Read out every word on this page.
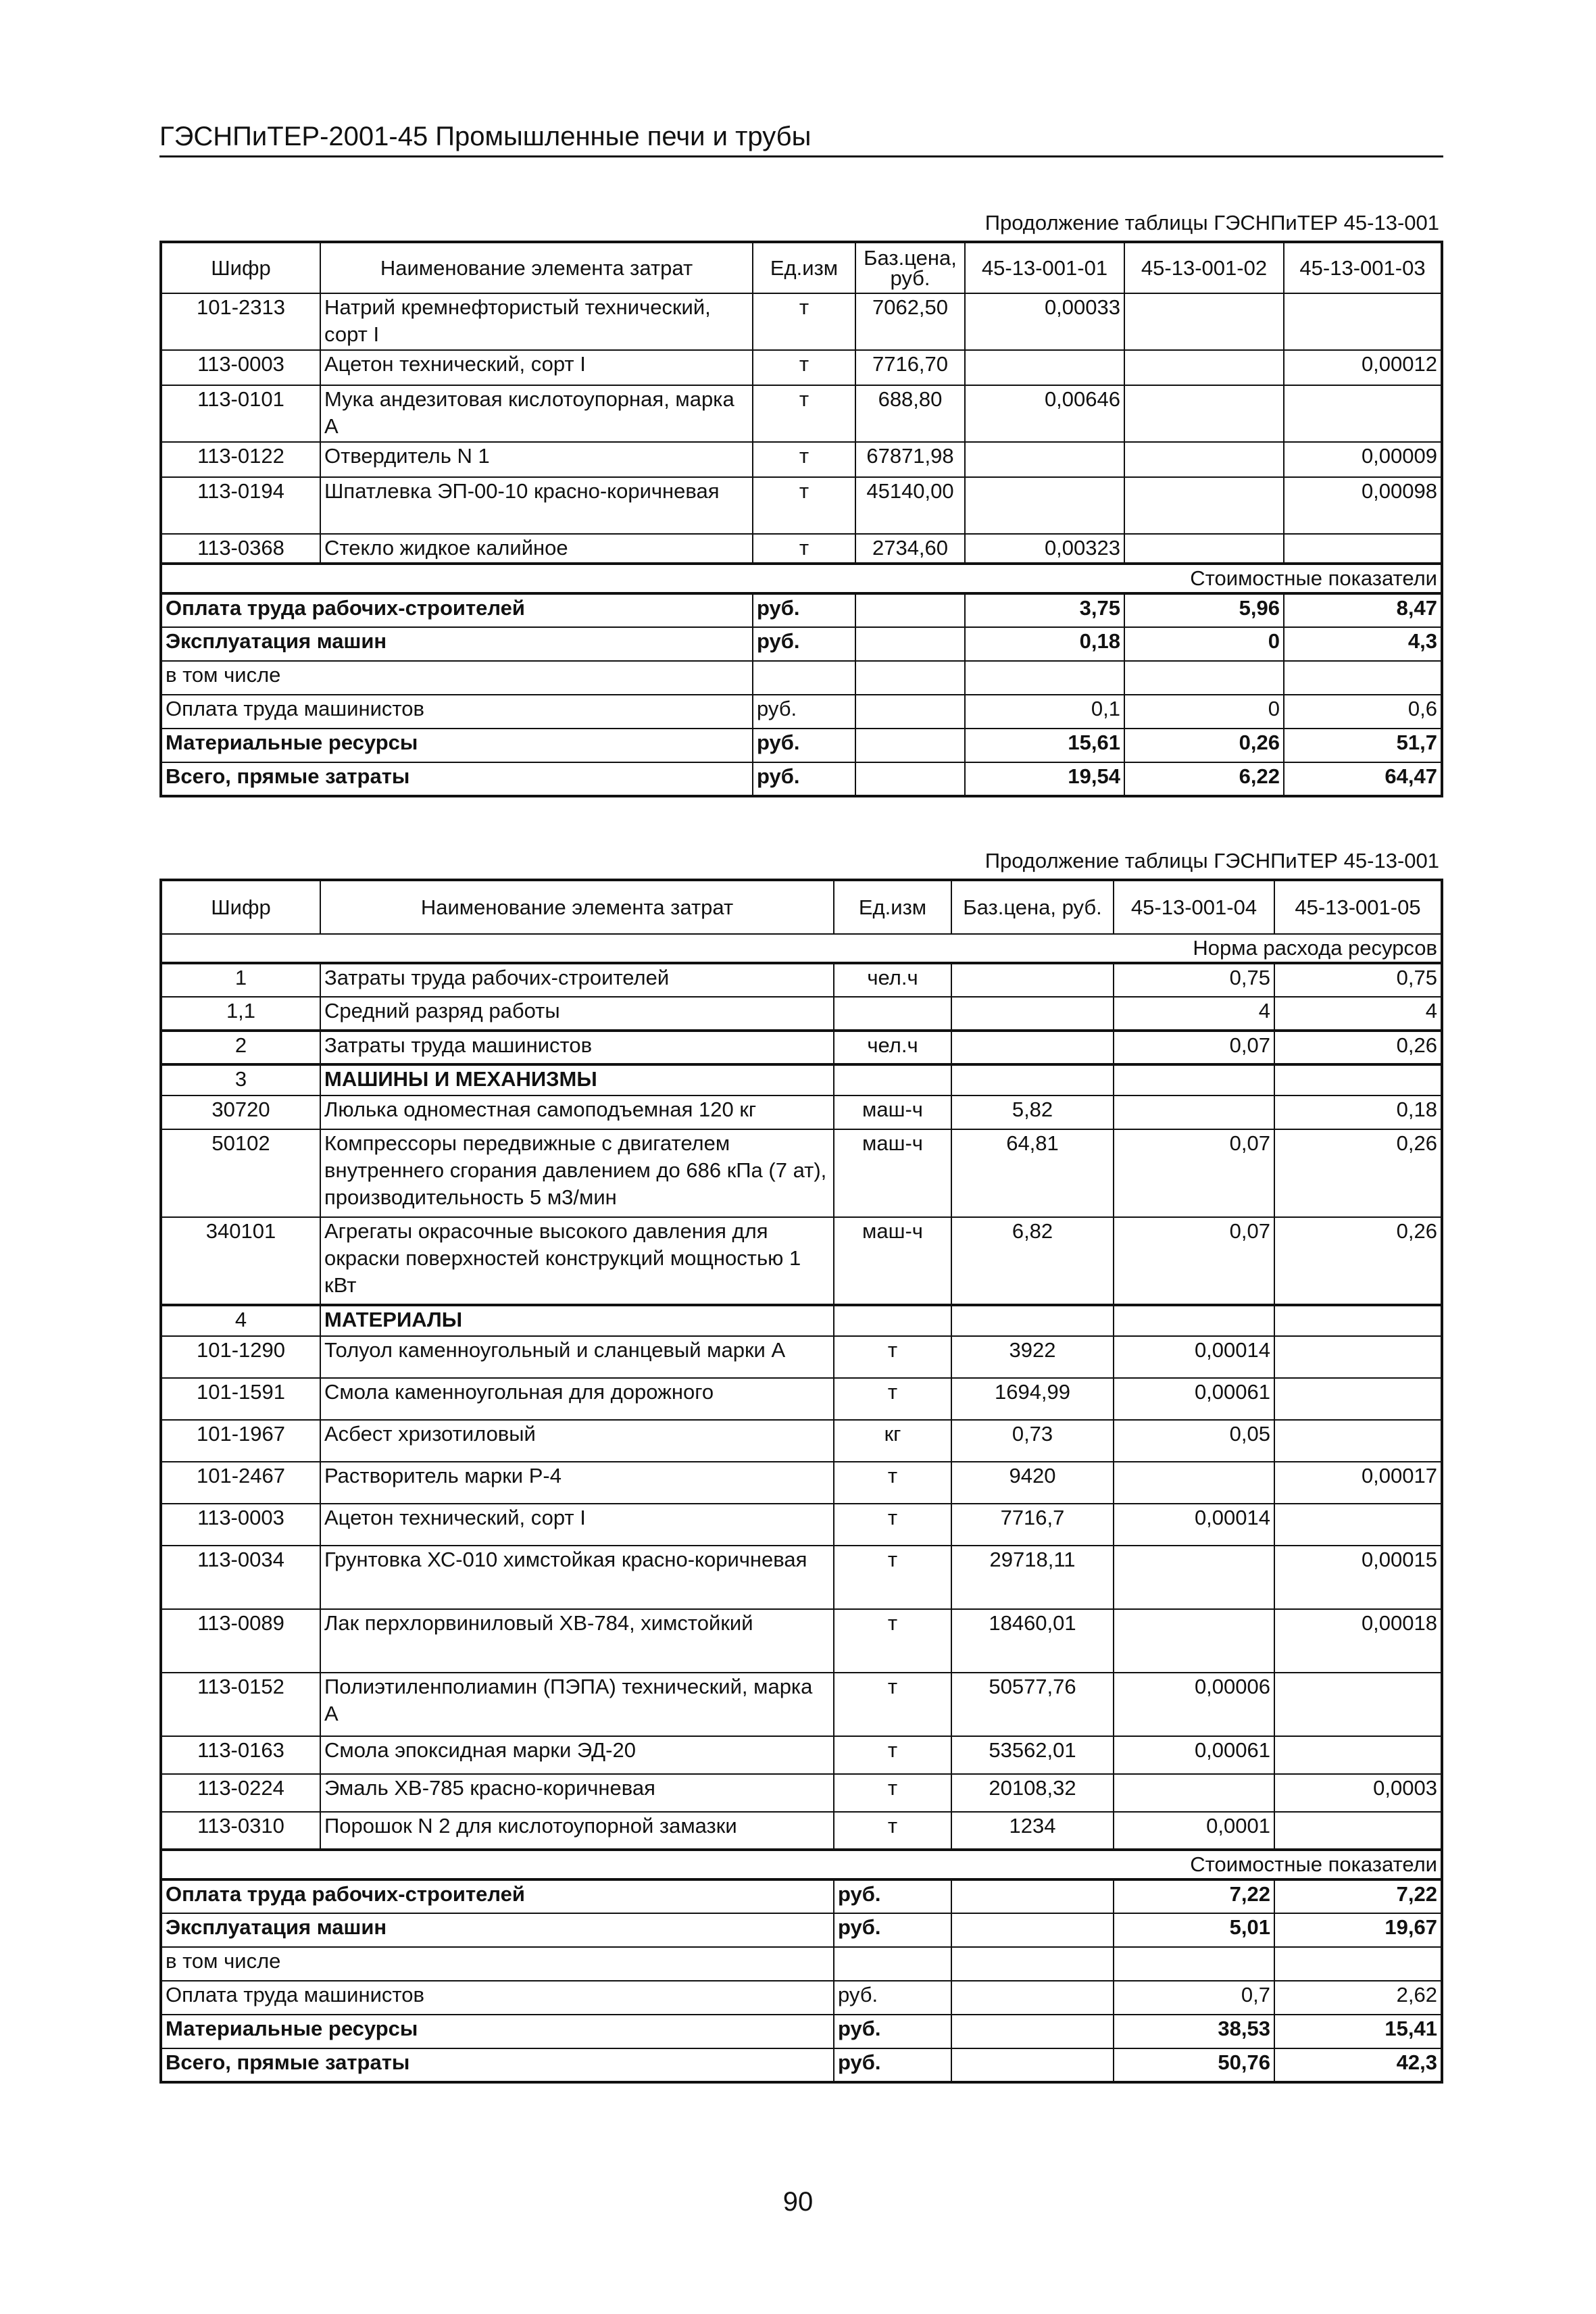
ГЭСНПиТЕР-2001-45 Промышленные печи и трубы
Продолжение таблицы ГЭСНПиТЕР 45-13-001
Шифр	Наименование элемента затрат	Ед.изм	Баз.цена, руб.	45-13-001-01	45-13-001-02	45-13-001-03
101-2313	Натрий кремнефтористый технический, сорт I	т	7062,50	0,00033		
113-0003	Ацетон технический, сорт I	т	7716,70			0,00012
113-0101	Мука андезитовая кислотоупорная, марка А	т	688,80	0,00646		
113-0122	Отвердитель N 1	т	67871,98			0,00009
113-0194	Шпатлевка ЭП-00-10 красно-коричневая	т	45140,00			0,00098
113-0368	Стекло жидкое калийное	т	2734,60	0,00323		
Стоимостные показатели						
Оплата труда рабочих-строителей		руб.		3,75	5,96	8,47
Эксплуатация машин		руб.		0,18	0	4,3
в том числе						
Оплата труда машинистов		руб.		0,1	0	0,6
Материальные ресурсы		руб.		15,61	0,26	51,7
Всего, прямые затраты		руб.		19,54	6,22	64,47
Продолжение таблицы ГЭСНПиТЕР 45-13-001
Шифр	Наименование элемента затрат	Ед.изм	Баз.цена, руб.	45-13-001-04	45-13-001-05
Норма расхода ресурсов					
1	Затраты труда рабочих-строителей	чел.ч		0,75	0,75
1,1	Средний разряд работы			4	4
2	Затраты труда машинистов	чел.ч		0,07	0,26
3	МАШИНЫ И МЕХАНИЗМЫ				
30720	Люлька одноместная самоподъемная 120 кг	маш-ч	5,82		0,18
50102	Компрессоры передвижные с двигателем внутреннего сгорания давлением до 686 кПа (7 ат), производительность 5 м3/мин	маш-ч	64,81	0,07	0,26
340101	Агрегаты окрасочные высокого давления для окраски поверхностей конструкций мощностью 1 кВт	маш-ч	6,82	0,07	0,26
4	МАТЕРИАЛЫ				
101-1290	Толуол каменноугольный и сланцевый марки А	т	3922	0,00014	
101-1591	Смола каменноугольная для дорожного	т	1694,99	0,00061	
101-1967	Асбест хризотиловый	кг	0,73	0,05	
101-2467	Растворитель марки Р-4	т	9420		0,00017
113-0003	Ацетон технический, сорт I	т	7716,7	0,00014	
113-0034	Грунтовка ХС-010 химстойкая красно-коричневая	т	29718,11		0,00015
113-0089	Лак перхлорвиниловый ХВ-784, химстойкий	т	18460,01		0,00018
113-0152	Полиэтиленполиамин (ПЭПА) технический, марка А	т	50577,76	0,00006	
113-0163	Смола эпоксидная марки ЭД-20	т	53562,01	0,00061	
113-0224	Эмаль ХВ-785 красно-коричневая	т	20108,32		0,0003
113-0310	Порошок N 2 для кислотоупорной замазки	т	1234	0,0001	
Стоимостные показатели					
Оплата труда рабочих-строителей		руб.		7,22	7,22
Эксплуатация машин		руб.		5,01	19,67
в том числе					
Оплата труда машинистов		руб.		0,7	2,62
Материальные ресурсы		руб.		38,53	15,41
Всего, прямые затраты		руб.		50,76	42,3
90
